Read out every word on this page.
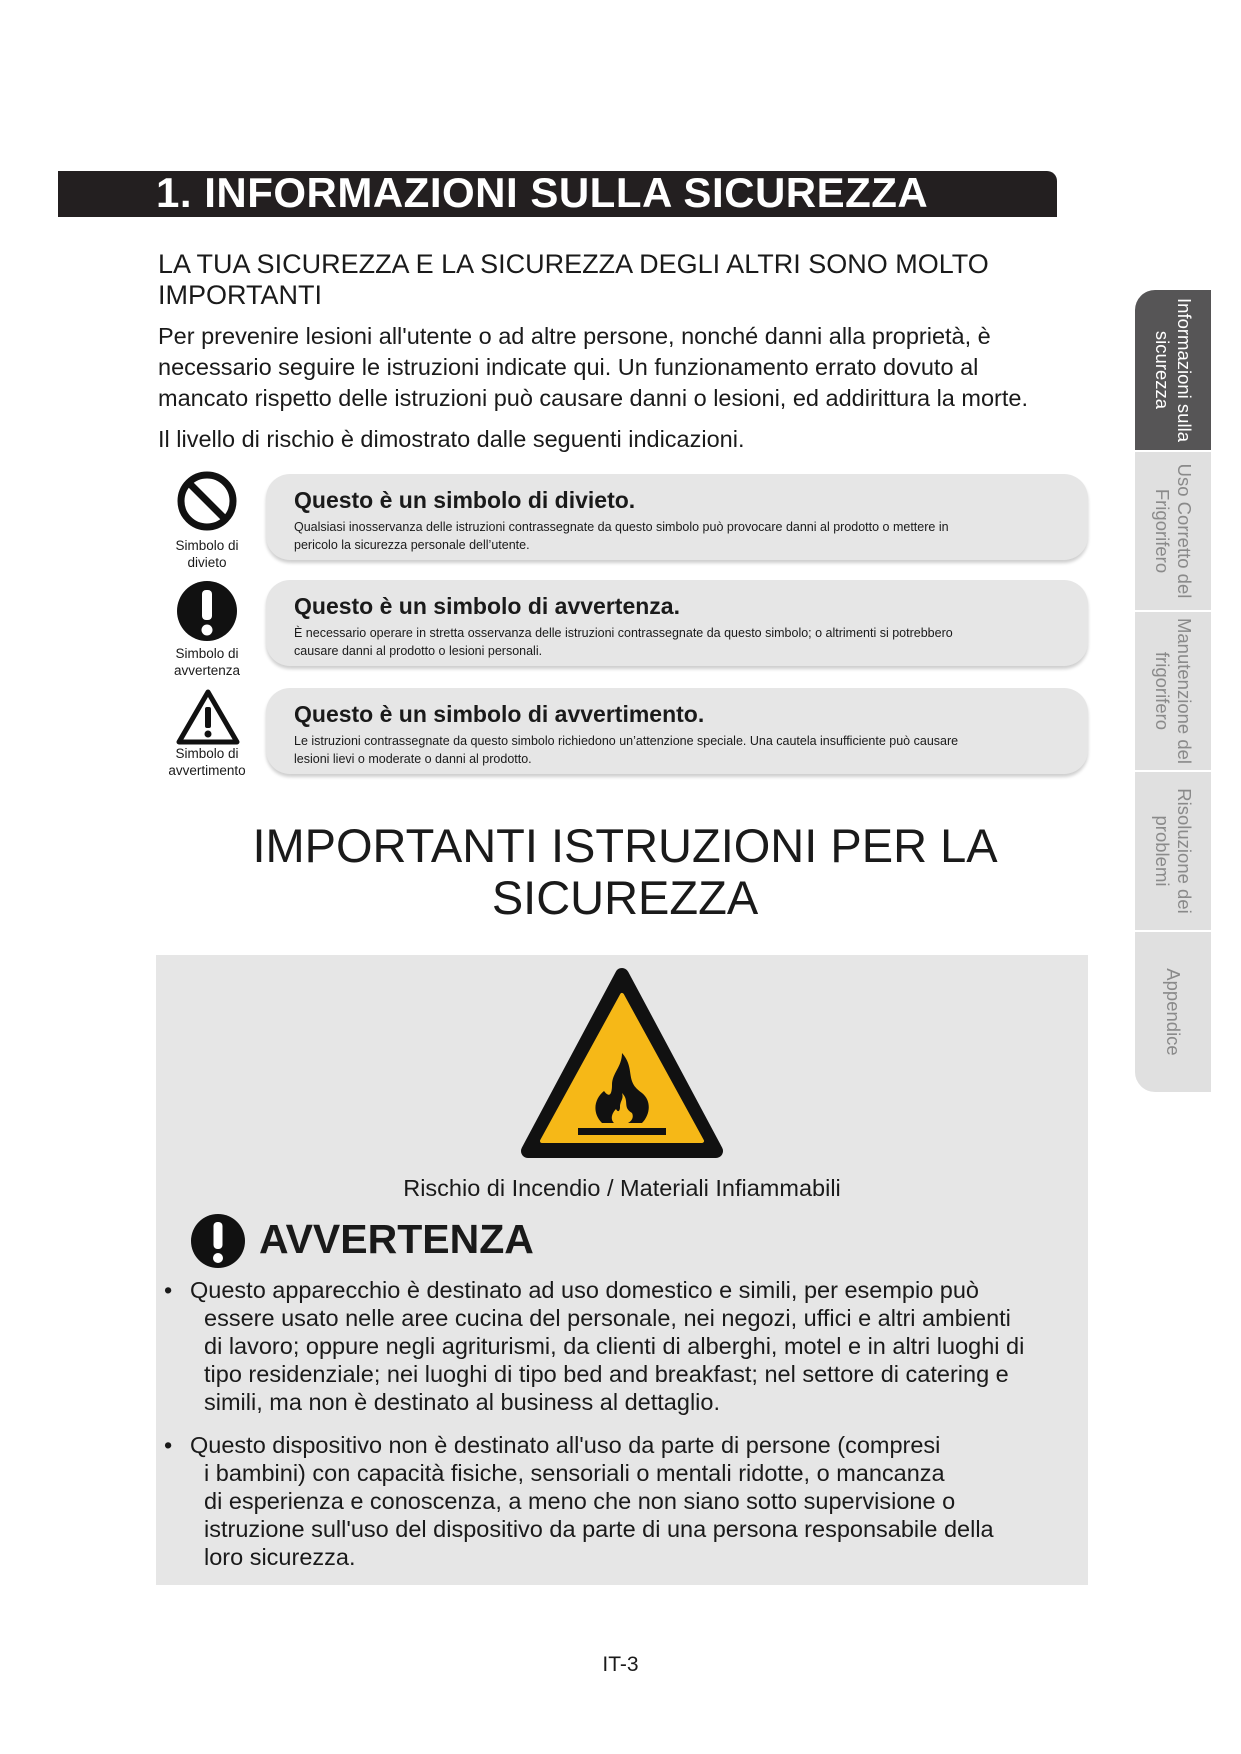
1. INFORMAZIONI SULLA SICUREZZA
LA TUA SICUREZZA E LA SICUREZZA DEGLI ALTRI SONO MOLTO
IMPORTANTI

Per prevenire lesioni all'utente o ad altre persone, nonché danni alla proprietà, è
necessario seguire le istruzioni indicate qui. Un funzionamento errato dovuto al
mancato rispetto delle istruzioni può causare danni o lesioni, ed addirittura la morte.

Il livello di rischio è dimostrato dalle seguenti indicazioni.

Simbolo di
divieto

Questo è un simbolo di divieto.

Qualsiasi inosservanza delle istruzioni contrassegnate da questo simbolo può provocare danni al prodotto o mettere in
pericolo la sicurezza personale dell’utente.

Simbolo di
avvertenza

Questo è un simbolo di avvertenza.

È necessario operare in stretta osservanza delle istruzioni contrassegnate da questo simbolo; o altrimenti si potrebbero
causare danni al prodotto o lesioni personali.

Simbolo di
avvertimento

Questo è un simbolo di avvertimento.

Le istruzioni contrassegnate da questo simbolo richiedono un’attenzione speciale. Una cautela insufficiente può causare
lesioni lievi o moderate o danni al prodotto.

IMPORTANTI ISTRUZIONI PER LA
SICUREZZA

Rischio di Incendio / Materiali Infiammabili

AVVERTENZA

• Questo apparecchio è destinato ad uso domestico e simili, per esempio può
essere usato nelle aree cucina del personale, nei negozi, uffici e altri ambienti
di lavoro; oppure negli agriturismi, da clienti di alberghi, motel e in altri luoghi di
tipo residenziale; nei luoghi di tipo bed and breakfast; nel settore di catering e
simili, ma non è destinato al business al dettaglio.
• Questo dispositivo non è destinato all'uso da parte di persone (compresi
i bambini) con capacità fisiche, sensoriali o mentali ridotte, o mancanza
di esperienza e conoscenza, a meno che non siano sotto supervisione o
istruzione sull'uso del dispositivo da parte di una persona responsabile della
loro sicurezza.
Informazioni sulla
sicurezza
Uso Corretto del
Frigorifero
Manutenzione del
frigorifero
Risoluzione dei
problemi
Appendice

IT-3
